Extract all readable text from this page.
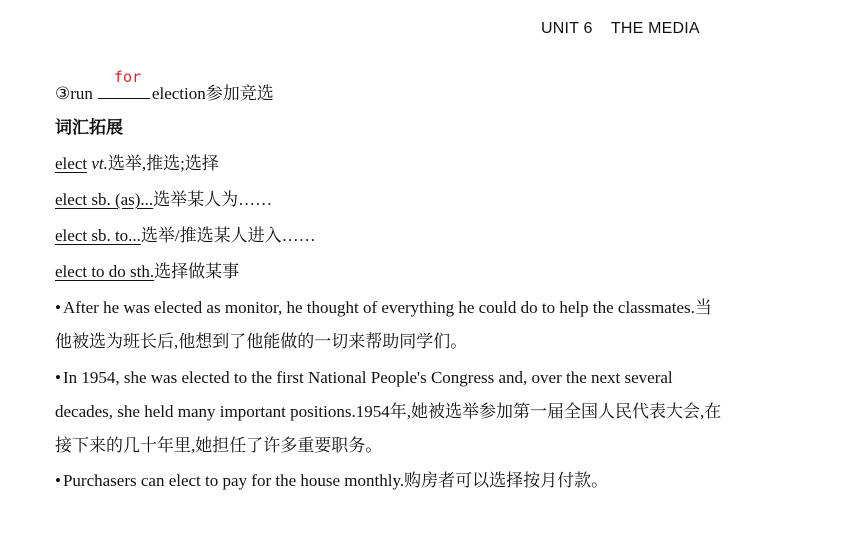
UNIT 6    THE MEDIA
③run
for
election参加竞选
词汇拓展
elect vt.选举,推选;选择
elect sb. (as)...选举某人为……
elect sb. to...选举/推选某人进入……
elect to do sth.选择做某事
• After he was elected as monitor, he thought of everything he could do to help the classmates.当
他被选为班长后,他想到了他能做的一切来帮助同学们。
• In 1954, she was elected to the first National People's Congress and, over the next several
decades, she held many important positions.1954年,她被选举参加第一届全国人民代表大会,在
接下来的几十年里,她担任了许多重要职务。
• Purchasers can elect to pay for the house monthly.购房者可以选择按月付款。
